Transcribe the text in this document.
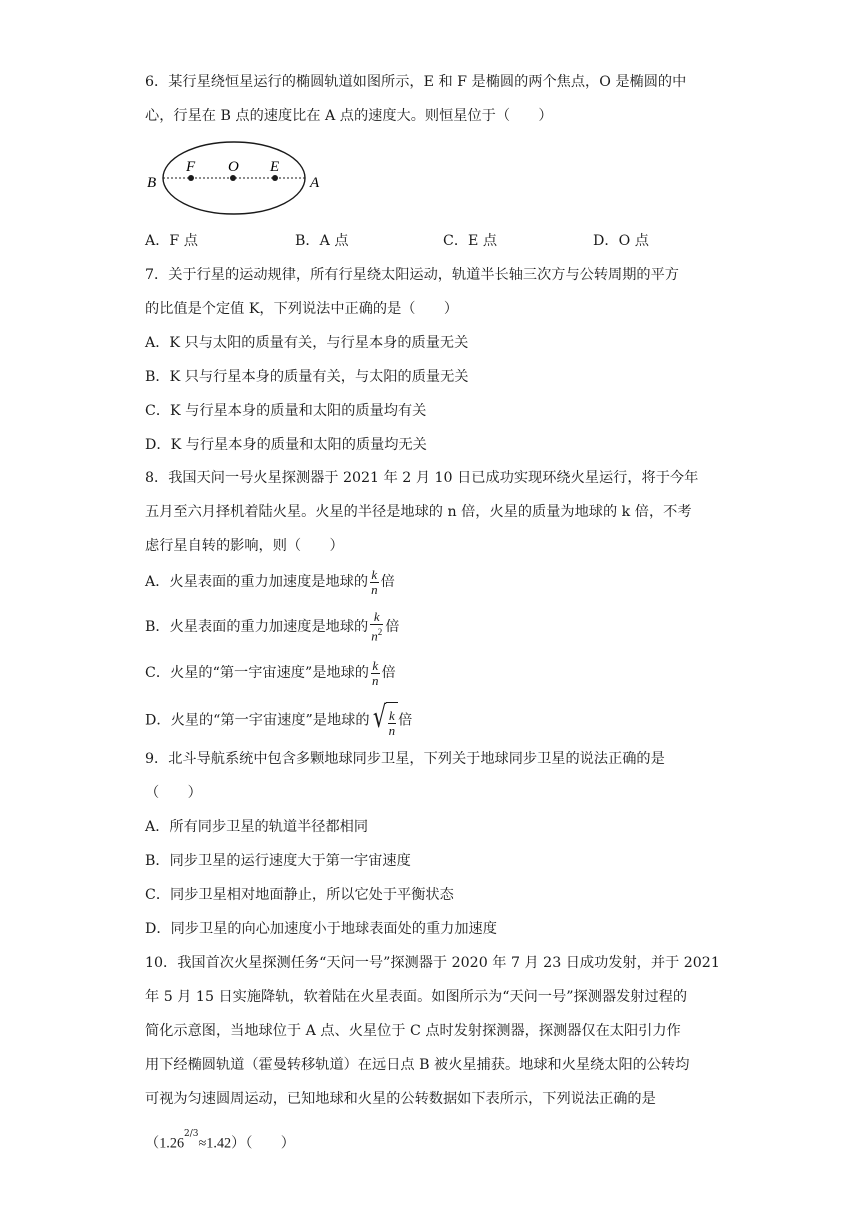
6．某行星绕恒星运行的椭圆轨道如图所示，E 和 F 是椭圆的两个焦点，O 是椭圆的中
心，行星在 B 点的速度比在 A 点的速度大。则恒星位于（　　）
B	A
F O E
A．F 点	B．A 点	C．E 点	D．O 点
7．关于行星的运动规律，所有行星绕太阳运动，轨道半长轴三次方与公转周期的平方
的比值是个定值 K，下列说法中正确的是（　　）
A．K 只与太阳的质量有关，与行星本身的质量无关
B．K 只与行星本身的质量有关，与太阳的质量无关
C．K 与行星本身的质量和太阳的质量均有关
D．K 与行星本身的质量和太阳的质量均无关
8．我国天问一号火星探测器于 2021 年 2 月 10 日已成功实现环绕火星运行，将于今年
五月至六月择机着陆火星。火星的半径是地球的 n 倍，火星的质量为地球的 k 倍，不考
虑行星自转的影响，则（　　）
A．火星表面的重力加速度是地球的 $\frac{k}{n}$ 倍
B．火星表面的重力加速度是地球的 $\frac{k}{n^2}$ 倍
C．火星的“第一宇宙速度”是地球的 $\frac{k}{n}$ 倍
D．火星的“第一宇宙速度”是地球的 √ $\frac{k}{n}$ 倍
9．北斗导航系统中包含多颗地球同步卫星，下列关于地球同步卫星的说法正确的是
（　　）
A．所有同步卫星的轨道半径都相同
B．同步卫星的运行速度大于第一宇宙速度
C．同步卫星相对地面静止，所以它处于平衡状态
D．同步卫星的向心加速度小于地球表面处的重力加速度
10．我国首次火星探测任务“天问一号”探测器于 2020 年 7 月 23 日成功发射，并于 2021
年 5 月 15 日实施降轨，软着陆在火星表面。如图所示为“天问一号”探测器发射过程的
简化示意图，当地球位于 A 点、火星位于 C 点时发射探测器，探测器仅在太阳引力作
用下经椭圆轨道（霍曼转移轨道）在远日点 B 被火星捕获。地球和火星绕太阳的公转均
可视为匀速圆周运动，已知地球和火星的公转数据如下表所示，下列说法正确的是
$(1.26^{2/3}\approx 1.42)$（　　）
